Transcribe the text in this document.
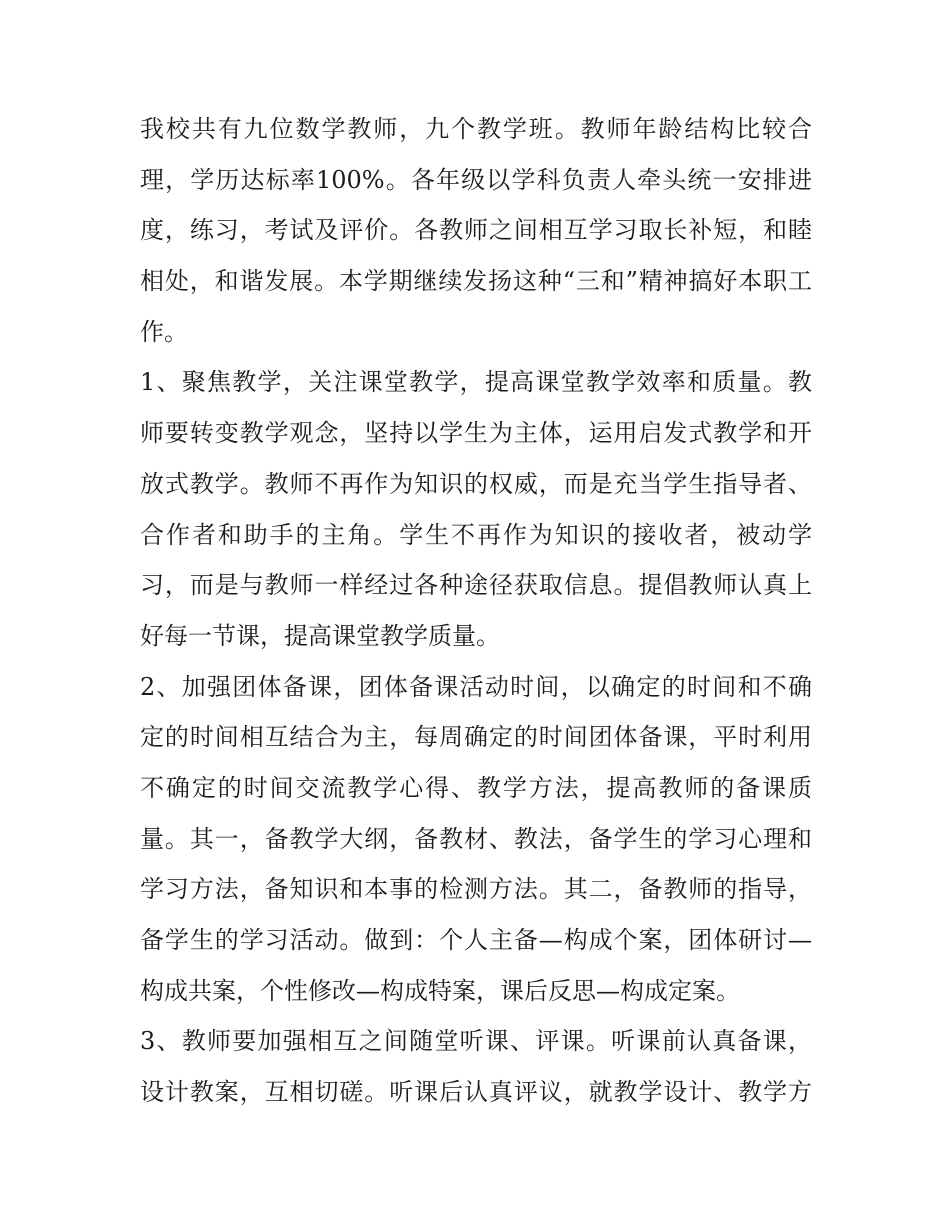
我校共有九位数学教师，九个教学班。教师年龄结构比较合
理，学历达标率100%。各年级以学科负责人牵头统一安排进
度，练习，考试及评价。各教师之间相互学习取长补短，和睦
相处，和谐发展。本学期继续发扬这种“三和”精神搞好本职工
作。
1、聚焦教学，关注课堂教学，提高课堂教学效率和质量。教
师要转变教学观念，坚持以学生为主体，运用启发式教学和开
放式教学。教师不再作为知识的权威，而是充当学生指导者、
合作者和助手的主角。学生不再作为知识的接收者，被动学
习，而是与教师一样经过各种途径获取信息。提倡教师认真上
好每一节课，提高课堂教学质量。
2、加强团体备课，团体备课活动时间，以确定的时间和不确
定的时间相互结合为主，每周确定的时间团体备课，平时利用
不确定的时间交流教学心得、教学方法，提高教师的备课质
量。其一，备教学大纲，备教材、教法，备学生的学习心理和
学习方法，备知识和本事的检测方法。其二，备教师的指导，
备学生的学习活动。做到：个人主备—构成个案，团体研讨—
构成共案，个性修改—构成特案，课后反思—构成定案。
3、教师要加强相互之间随堂听课、评课。听课前认真备课，
设计教案，互相切磋。听课后认真评议，就教学设计、教学方
